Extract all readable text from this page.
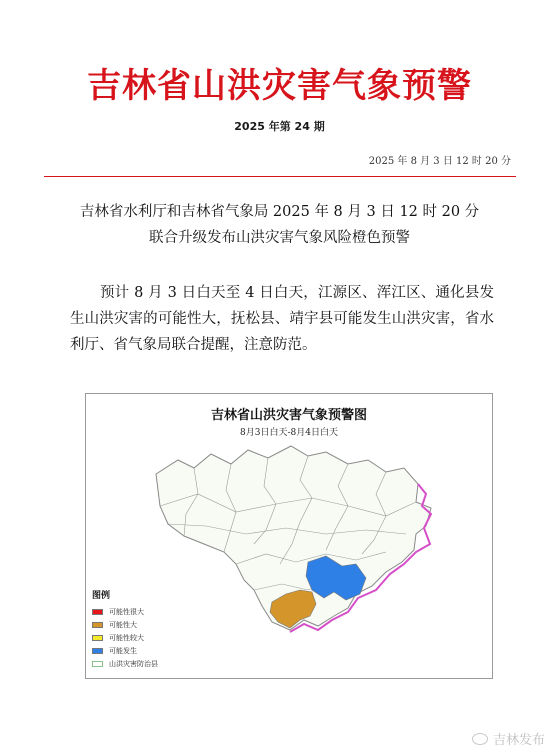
吉林省山洪灾害气象预警
2025 年第 24 期
2025 年 8 月 3 日 12 时 20 分
吉林省水利厅和吉林省气象局 2025 年 8 月 3 日 12 时 20 分
联合升级发布山洪灾害气象风险橙色预警
预计 8 月 3 日白天至 4 日白天，江源区、浑江区、通化县发生山洪灾害的可能性大，抚松县、靖宇县可能发生山洪灾害，省水利厅、省气象局联合提醒，注意防范。
吉林省山洪灾害气象预警图
8月3日白天-8月4日白天
图例
可能性很大
可能性大
可能性较大
可能发生
山洪灾害防治县
吉林发布
